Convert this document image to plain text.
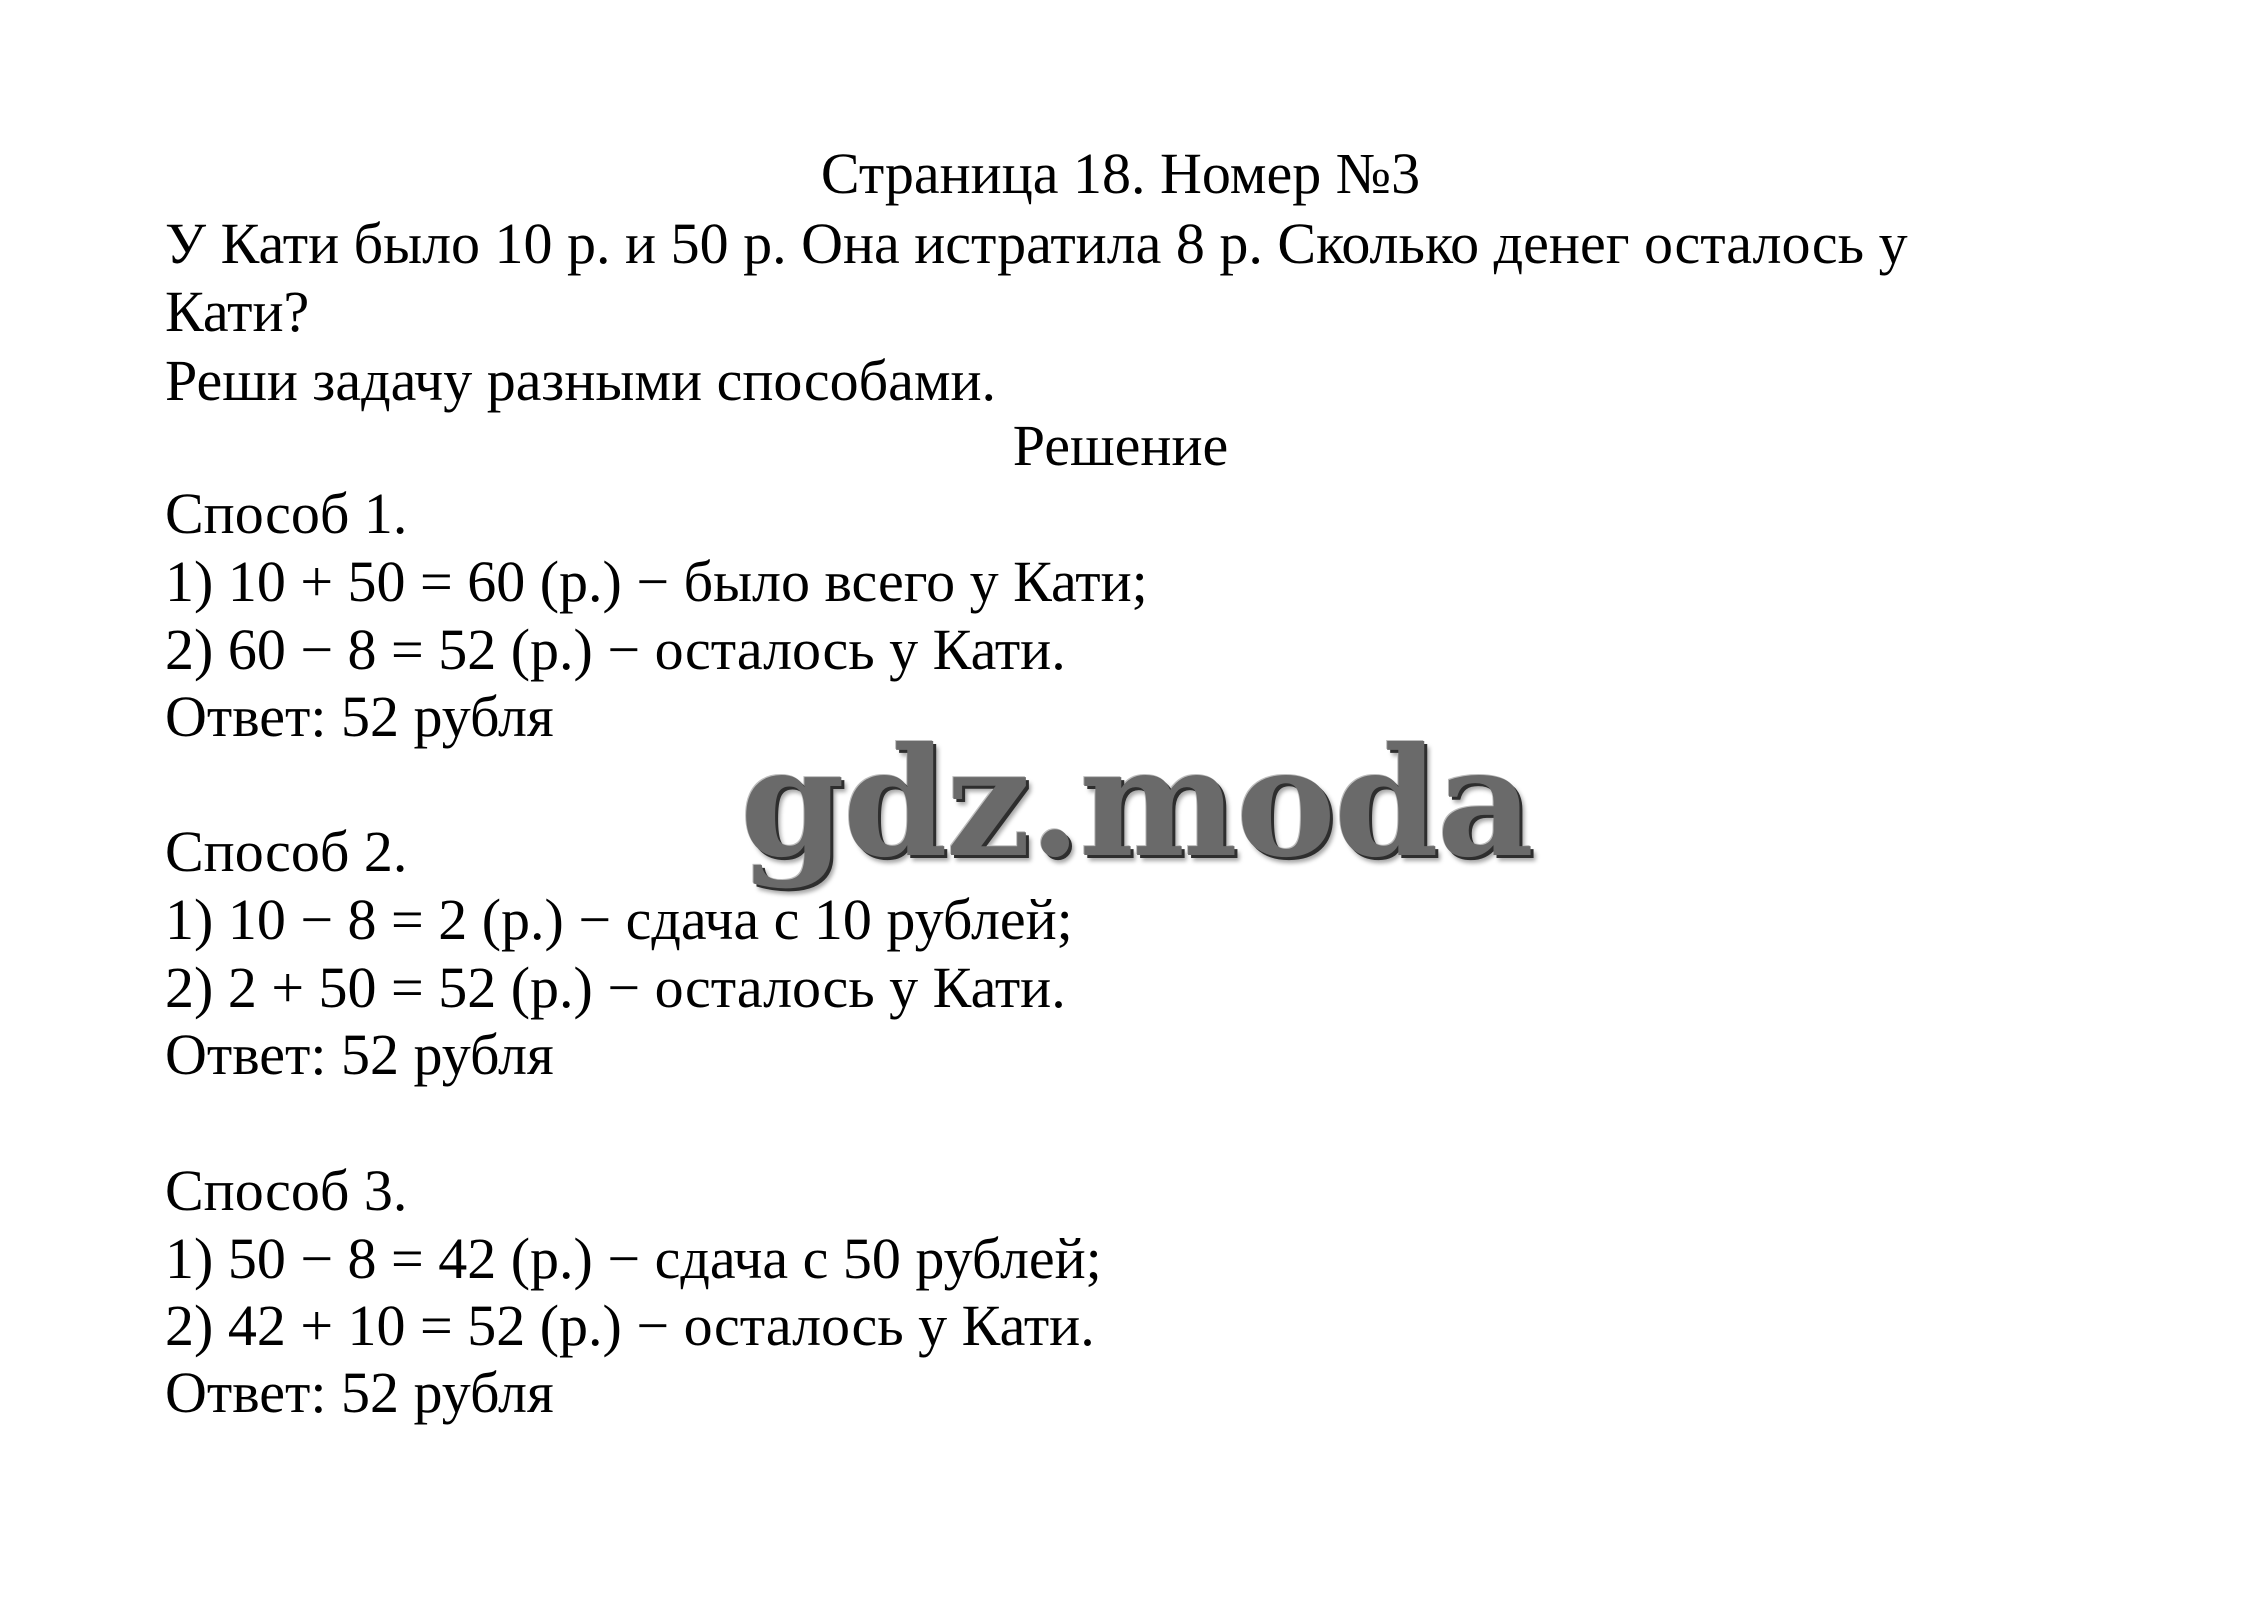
Страница 18. Номер №3
У Кати было 10 р. и 50 р. Она истратила 8 р. Сколько денег осталось у
Кати?
Реши задачу разными способами.
Решение
Способ 1.
1) 10 + 50 = 60 (р.) − было всего у Кати;
2) 60 − 8 = 52 (р.) − осталось у Кати.
Ответ: 52 рубля
Способ 2.
1) 10 − 8 = 2 (р.) − сдача с 10 рублей;
2) 2 + 50 = 52 (р.) − осталось у Кати.
Ответ: 52 рубля
Способ 3.
1) 50 − 8 = 42 (р.) − сдача с 50 рублей;
2) 42 + 10 = 52 (р.) − осталось у Кати.
Ответ: 52 рубля
gdz.moda
